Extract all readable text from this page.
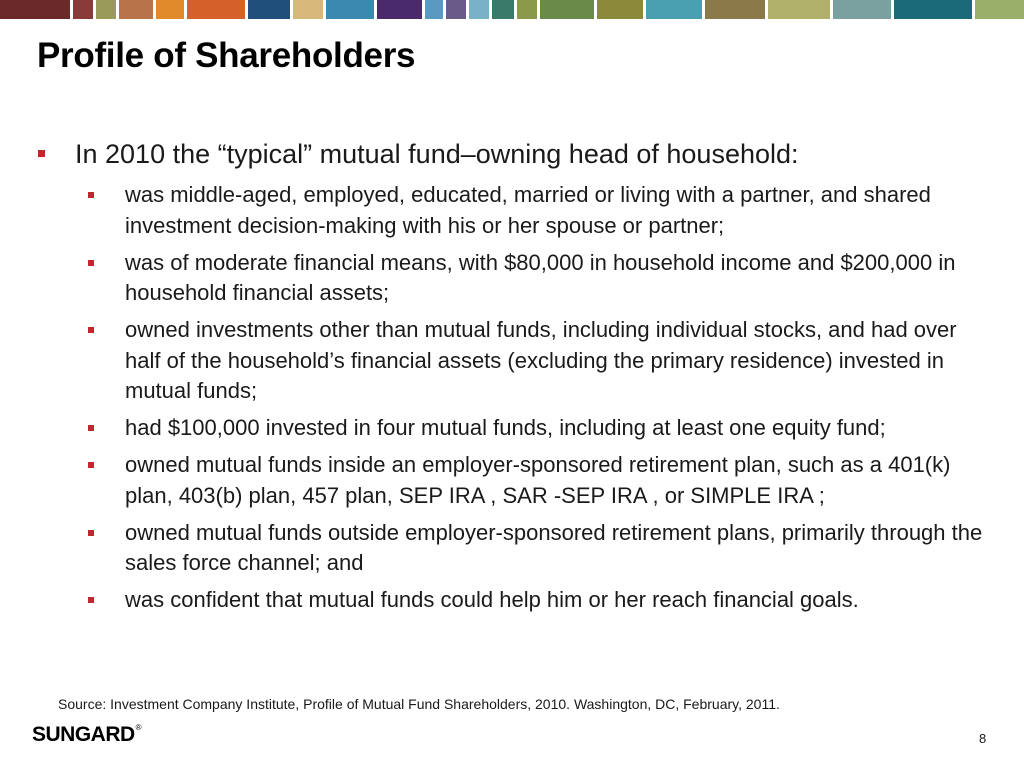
Profile of Shareholders
In 2010 the “typical” mutual fund–owning head of household:
was middle-aged, employed, educated, married or living with a partner, and shared investment decision-making with his or her spouse or partner;
was of moderate financial means, with $80,000 in household income and $200,000 in household financial assets;
owned investments other than mutual funds, including individual stocks, and had over half of the household’s financial assets (excluding the primary residence) invested in mutual funds;
had $100,000 invested in four mutual funds, including at least one equity fund;
owned mutual funds inside an employer-sponsored retirement plan, such as a 401(k) plan, 403(b) plan, 457 plan, SEP IRA , SAR -SEP IRA , or SIMPLE IRA ;
owned mutual funds outside employer-sponsored retirement plans, primarily through the sales force channel; and
was confident that mutual funds could help him or her reach financial goals.
Source: Investment Company Institute, Profile of Mutual Fund Shareholders, 2010. Washington, DC, February, 2011.
SUNGARD ®
8
